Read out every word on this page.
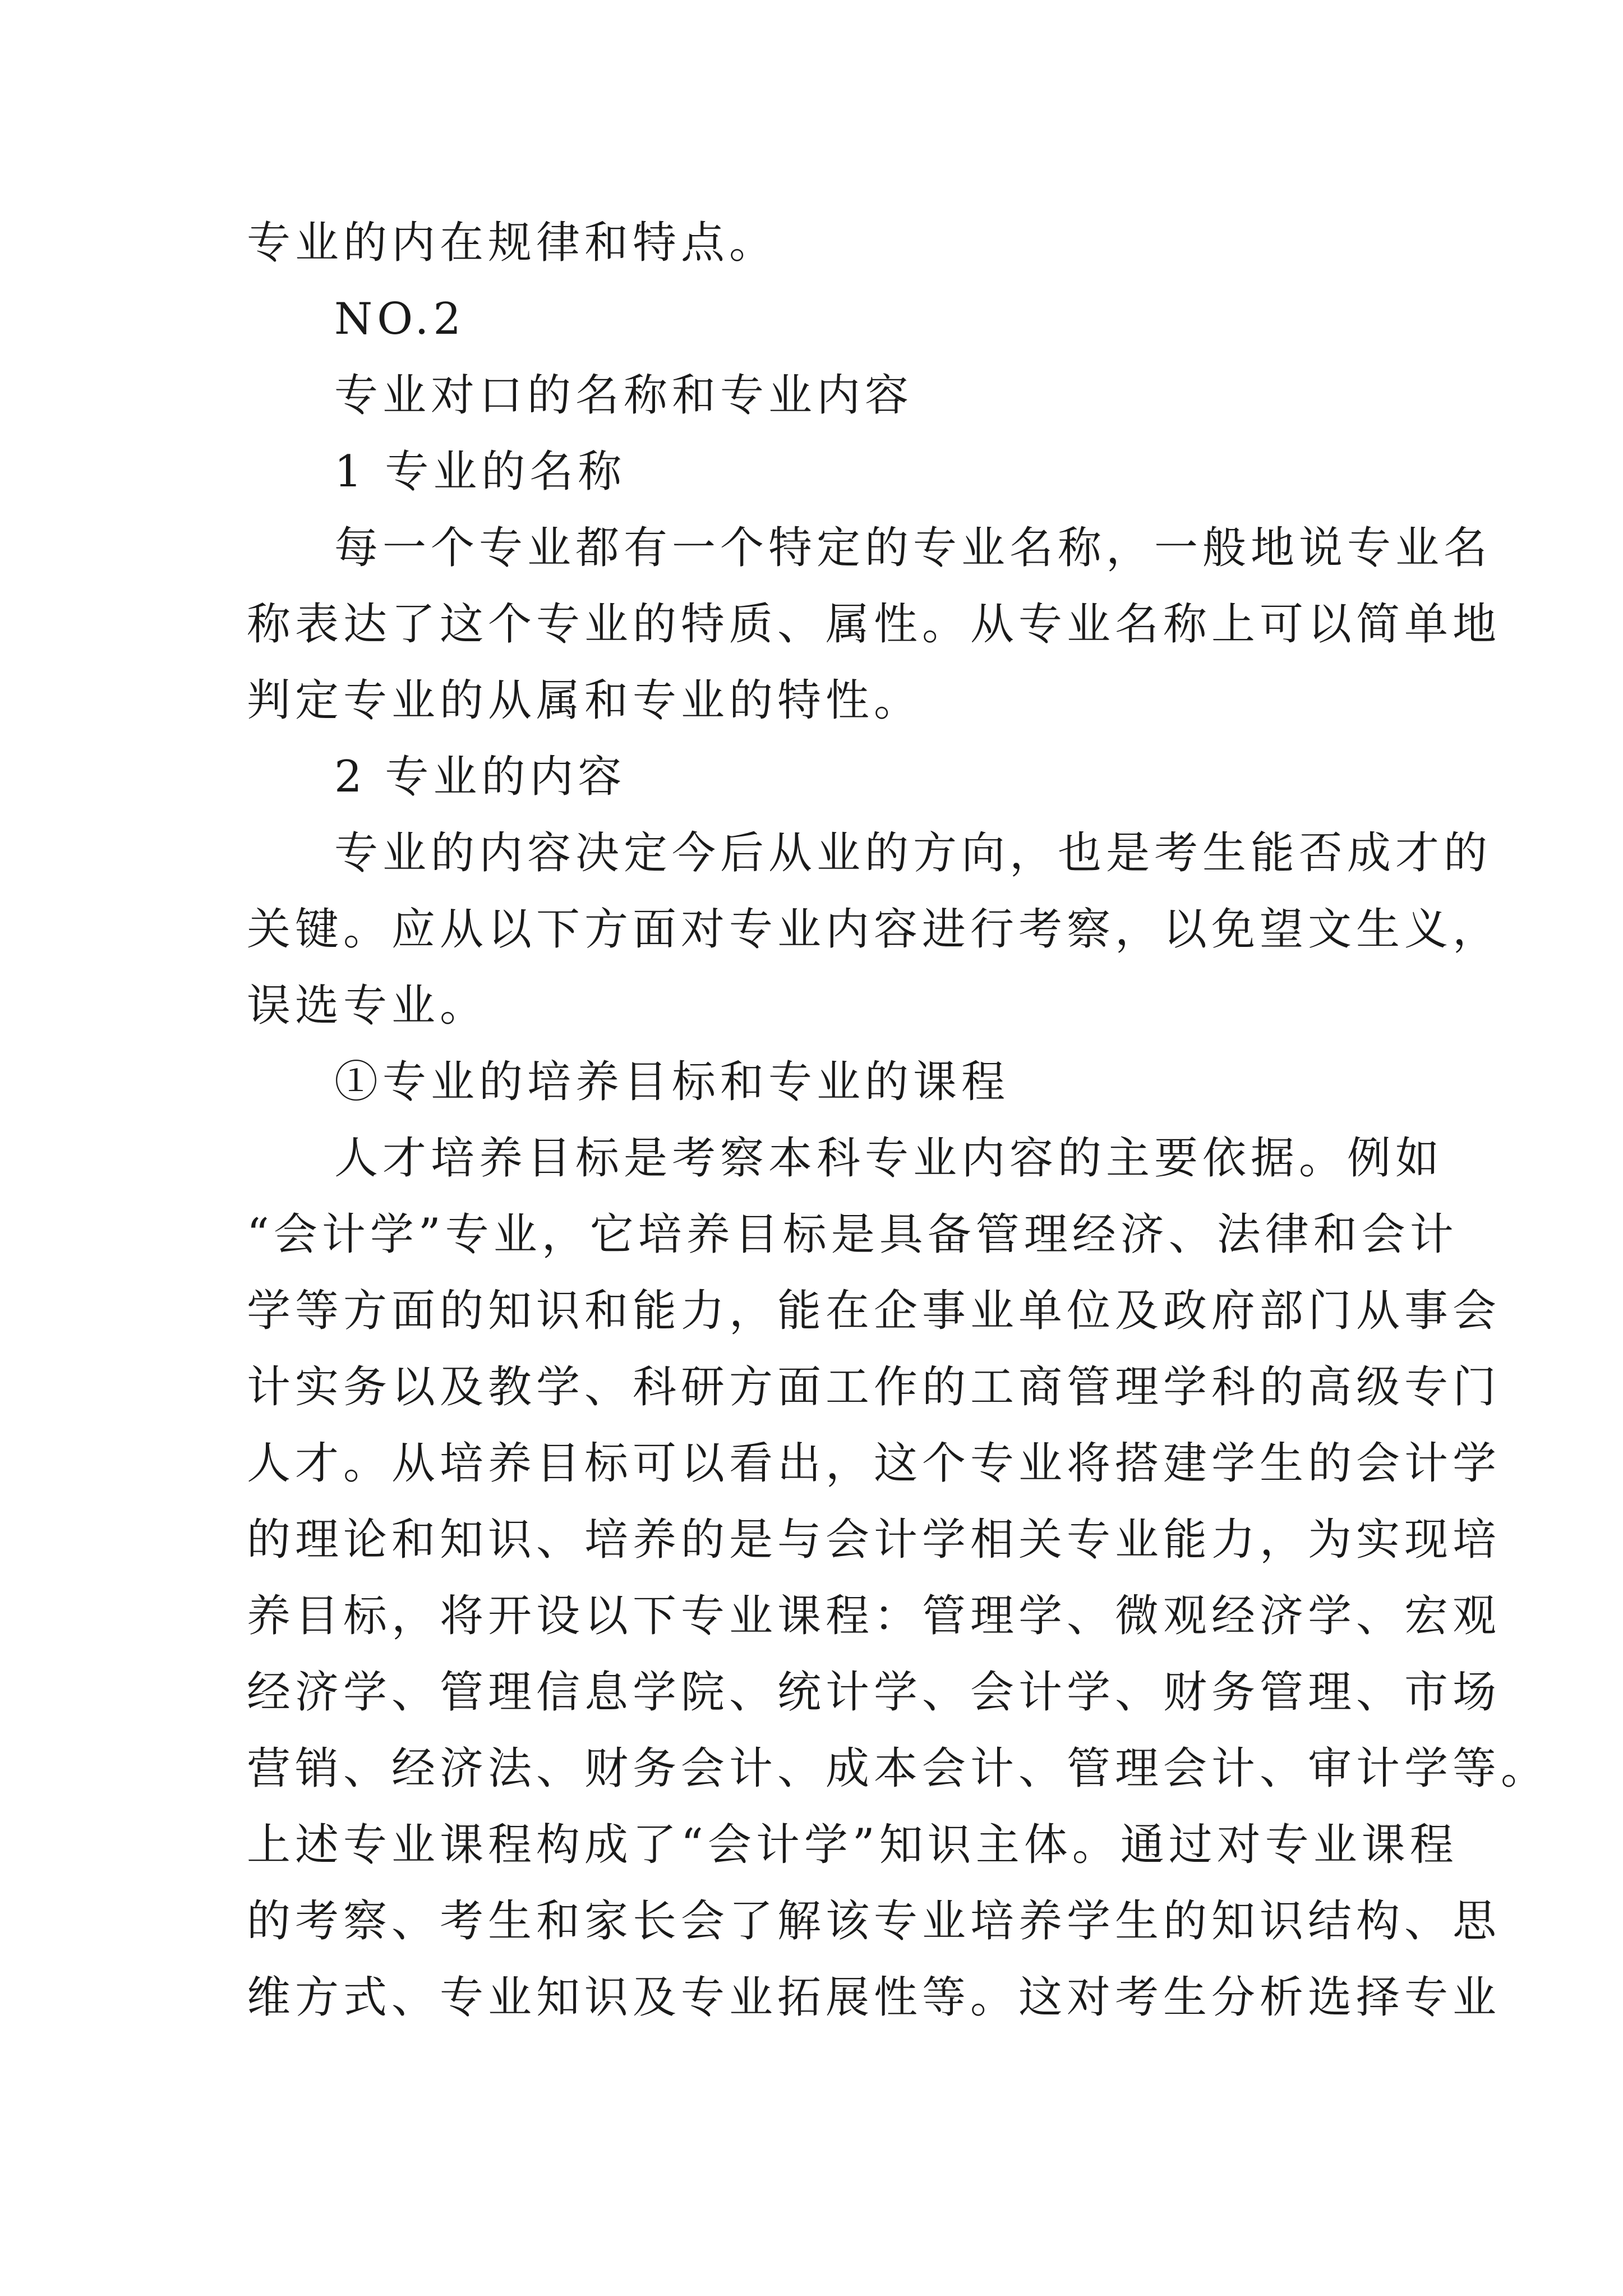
专业的内在规律和特点。
NO.2
专业对口的名称和专业内容
1 专业的名称
每一个专业都有一个特定的专业名称，一般地说专业名
称表达了这个专业的特质、属性。从专业名称上可以简单地
判定专业的从属和专业的特性。
2 专业的内容
专业的内容决定今后从业的方向，也是考生能否成才的
关键。应从以下方面对专业内容进行考察，以免望文生义，
误选专业。
①专业的培养目标和专业的课程
人才培养目标是考察本科专业内容的主要依据。例如
“会计学”专业，它培养目标是具备管理经济、法律和会计
学等方面的知识和能力，能在企事业单位及政府部门从事会
计实务以及教学、科研方面工作的工商管理学科的高级专门
人才。从培养目标可以看出，这个专业将搭建学生的会计学
的理论和知识、培养的是与会计学相关专业能力，为实现培
养目标，将开设以下专业课程：管理学、微观经济学、宏观
经济学、管理信息学院、统计学、会计学、财务管理、市场
营销、经济法、财务会计、成本会计、管理会计、审计学等。
上述专业课程构成了“会计学”知识主体。通过对专业课程
的考察、考生和家长会了解该专业培养学生的知识结构、思
维方式、专业知识及专业拓展性等。这对考生分析选择专业
